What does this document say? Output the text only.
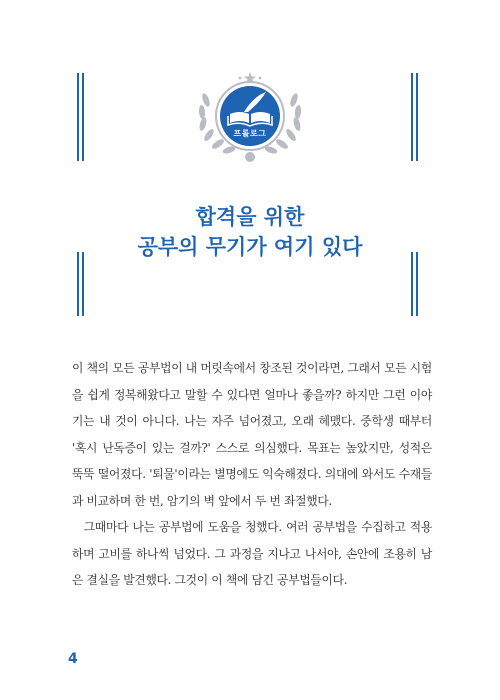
프롤로그
합격을 위한
공부의 무기가 여기 있다

이 책의 모든 공부법이 내 머릿속에서 창조된 것이라면, 그래서 모든 시험을 쉽게 정복해왔다고 말할 수 있다면 얼마나 좋을까? 하지만 그런 이야기는 내 것이 아니다. 나는 자주 넘어졌고, 오래 헤맸다. 중학생 때부터 '혹시 난독증이 있는 걸까?' 스스로 의심했다. 목표는 높았지만, 성적은 뚝뚝 떨어졌다. '퇴물'이라는 별명에도 익숙해졌다. 의대에 와서도 수재들과 비교하며 한 번, 암기의 벽 앞에서 두 번 좌절했다.

그때마다 나는 공부법에 도움을 청했다. 여러 공부법을 수집하고 적용하며 고비를 하나씩 넘었다. 그 과정을 지나고 나서야, 손안에 조용히 남은 결실을 발견했다. 그것이 이 책에 담긴 공부법들이다.

4
